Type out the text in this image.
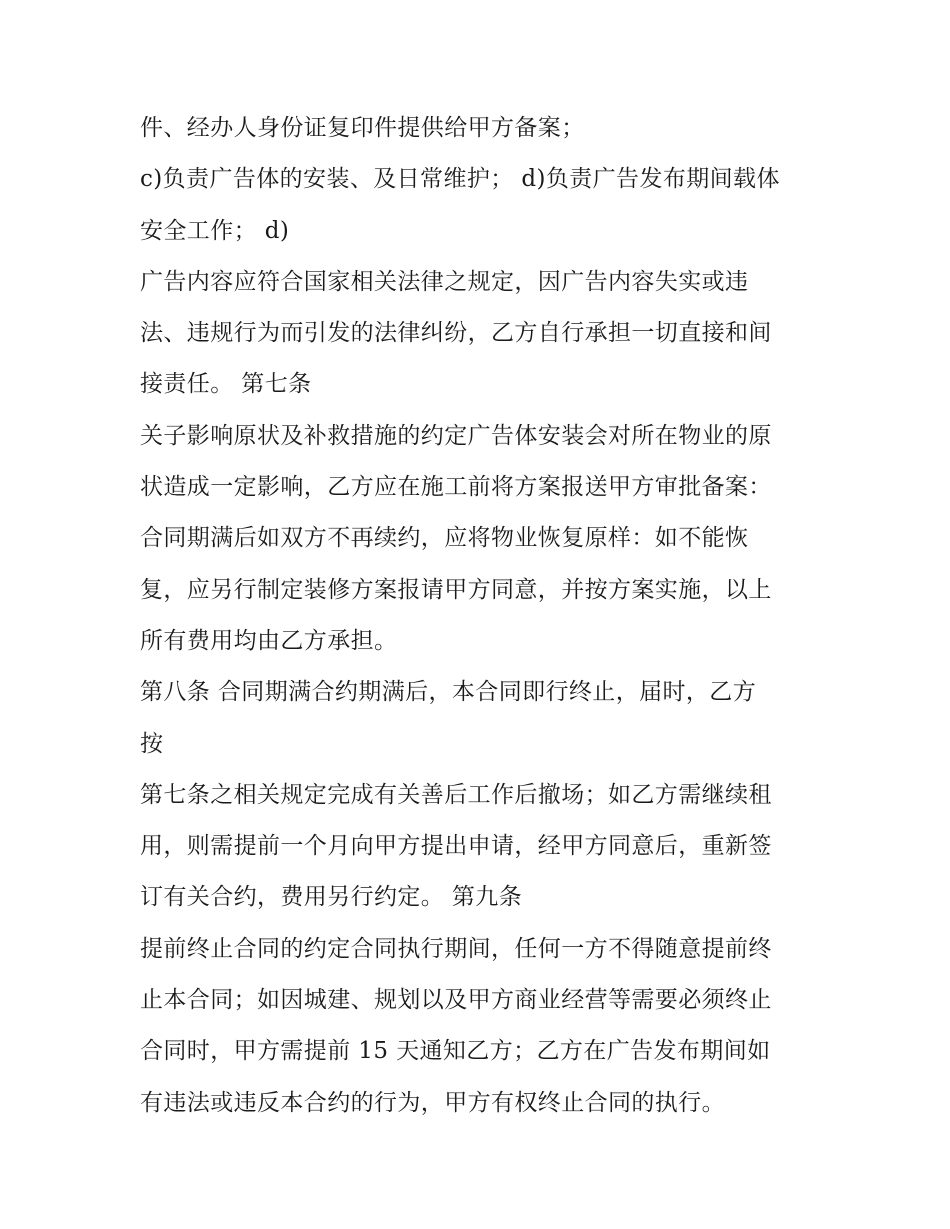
件、经办人身份证复印件提供给甲方备案；
c)负责广告体的安装、及日常维护； d)负责广告发布期间载体
安全工作； d)
广告内容应符合国家相关法律之规定，因广告内容失实或违
法、违规行为而引发的法律纠纷，乙方自行承担一切直接和间
接责任。 第七条
关子影响原状及补救措施的约定广告体安装会对所在物业的原
状造成一定影响，乙方应在施工前将方案报送甲方审批备案：
合同期满后如双方不再续约，应将物业恢复原样：如不能恢
复，应另行制定装修方案报请甲方同意，并按方案实施，以上
所有费用均由乙方承担。
第八条 合同期满合约期满后，本合同即行终止，届时，乙方
按
第七条之相关规定完成有关善后工作后撤场；如乙方需继续租
用，则需提前一个月向甲方提出申请，经甲方同意后，重新签
订有关合约，费用另行约定。 第九条
提前终止合同的约定合同执行期间，任何一方不得随意提前终
止本合同；如因城建、规划以及甲方商业经营等需要必须终止
合同时，甲方需提前 15 天通知乙方；乙方在广告发布期间如
有违法或违反本合约的行为，甲方有权终止合同的执行。
